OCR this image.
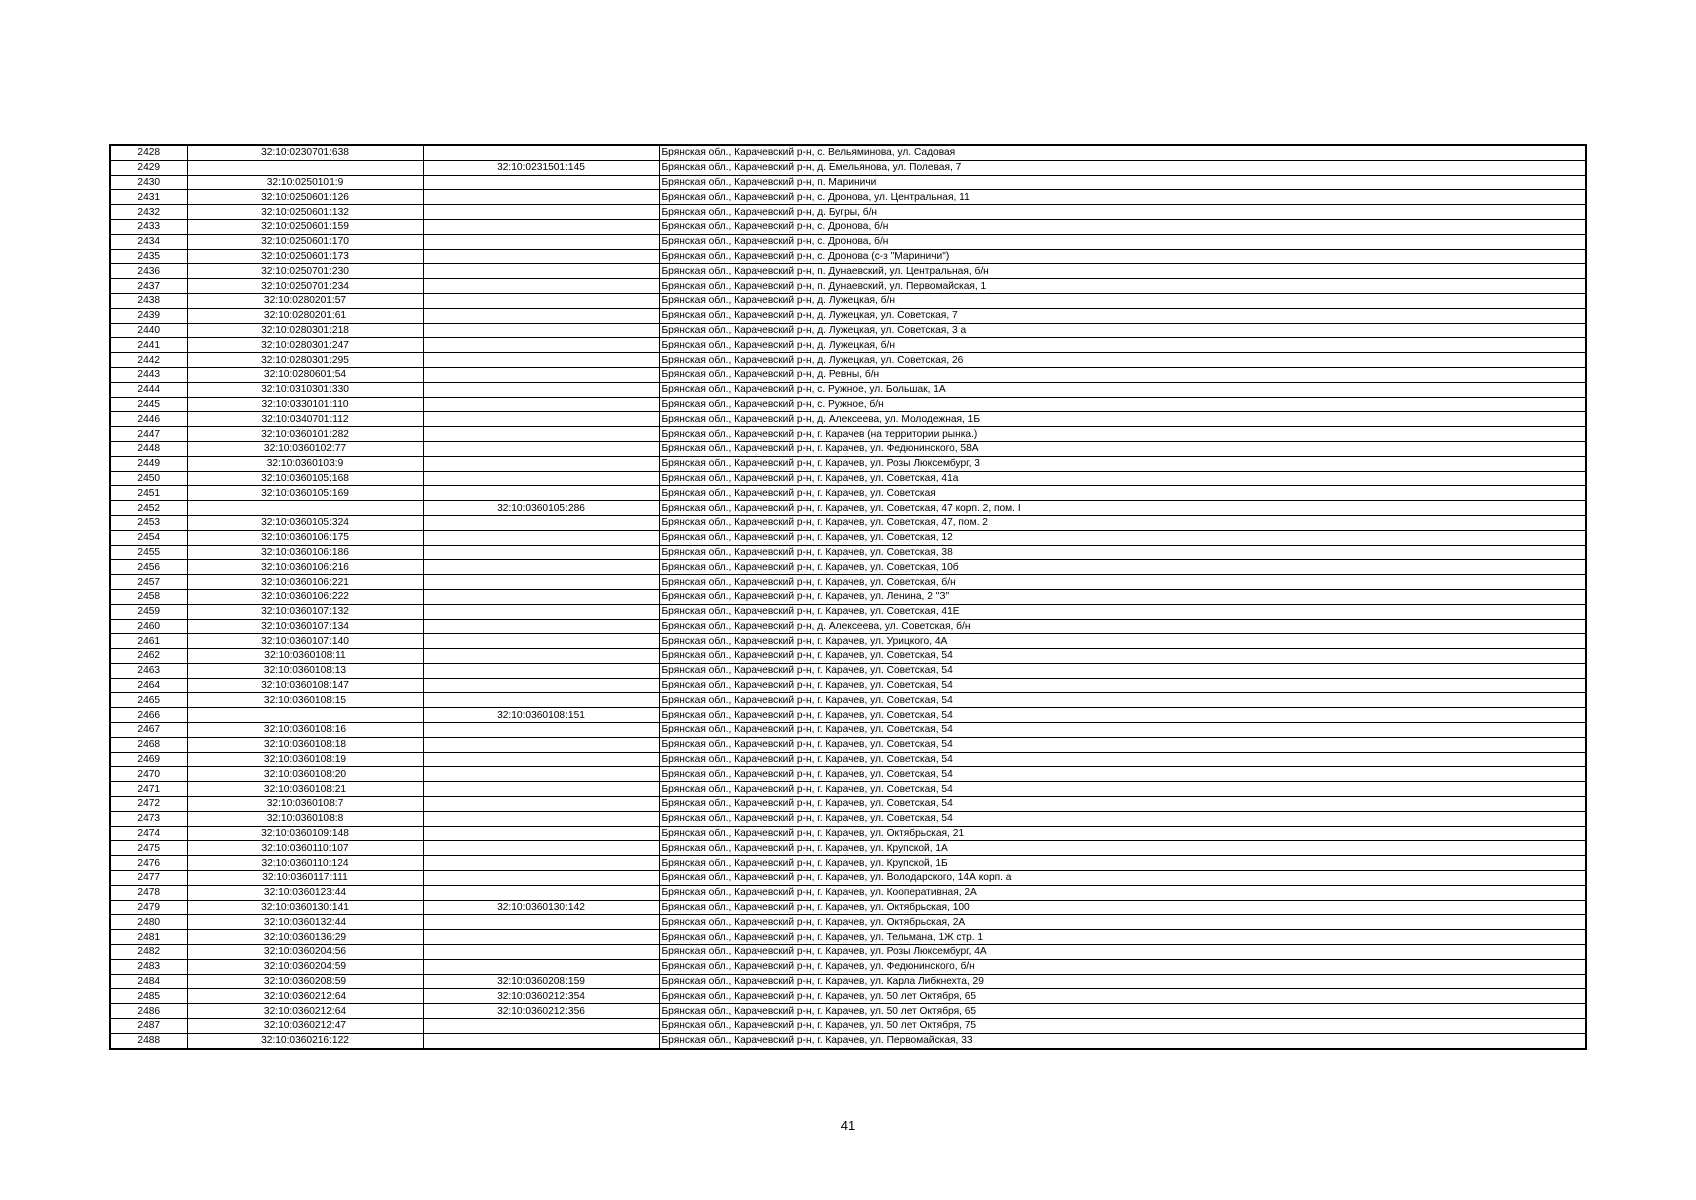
2428	32:10:0230701:638		Брянская обл., Карачевский р-н, с. Вельяминова, ул. Садовая
2429		32:10:0231501:145	Брянская обл., Карачевский р-н, д. Емельянова, ул. Полевая, 7
2430	32:10:0250101:9		Брянская обл., Карачевский р-н, п. Мариничи
2431	32:10:0250601:126		Брянская обл., Карачевский р-н, с. Дронова, ул. Центральная, 11
2432	32:10:0250601:132		Брянская обл., Карачевский р-н, д. Бугры, б/н
2433	32:10:0250601:159		Брянская обл., Карачевский р-н, с. Дронова, б/н
2434	32:10:0250601:170		Брянская обл., Карачевский р-н, с. Дронова, б/н
2435	32:10:0250601:173		Брянская обл., Карачевский р-н, с. Дронова (с-з "Мариничи")
2436	32:10:0250701:230		Брянская обл., Карачевский р-н, п. Дунаевский, ул. Центральная, б/н
2437	32:10:0250701:234		Брянская обл., Карачевский р-н, п. Дунаевский, ул. Первомайская, 1
2438	32:10:0280201:57		Брянская обл., Карачевский р-н, д. Лужецкая, б/н
2439	32:10:0280201:61		Брянская обл., Карачевский р-н, д. Лужецкая, ул. Советская, 7
2440	32:10:0280301:218		Брянская обл., Карачевский р-н, д. Лужецкая, ул. Советская, 3 а
2441	32:10:0280301:247		Брянская обл., Карачевский р-н, д. Лужецкая, б/н
2442	32:10:0280301:295		Брянская обл., Карачевский р-н, д. Лужецкая, ул. Советская, 26
2443	32:10:0280601:54		Брянская обл., Карачевский р-н, д. Ревны, б/н
2444	32:10:0310301:330		Брянская обл., Карачевский р-н, с. Ружное, ул. Большак, 1А
2445	32:10:0330101:110		Брянская обл., Карачевский р-н, с. Ружное, б/н
2446	32:10:0340701:112		Брянская обл., Карачевский р-н, д. Алексеева, ул. Молодежная, 1Б
2447	32:10:0360101:282		Брянская обл., Карачевский р-н, г. Карачев (на территории рынка.)
2448	32:10:0360102:77		Брянская обл., Карачевский р-н, г. Карачев, ул. Федюнинского, 58А
2449	32:10:0360103:9		Брянская обл., Карачевский р-н, г. Карачев, ул. Розы Люксембург, 3
2450	32:10:0360105:168		Брянская обл., Карачевский р-н, г. Карачев, ул. Советская, 41а
2451	32:10:0360105:169		Брянская обл., Карачевский р-н, г. Карачев, ул. Советская
2452		32:10:0360105:286	Брянская обл., Карачевский р-н, г. Карачев, ул. Советская, 47 корп. 2, пом. I
2453	32:10:0360105:324		Брянская обл., Карачевский р-н, г. Карачев, ул. Советская, 47, пом. 2
2454	32:10:0360106:175		Брянская обл., Карачевский р-н, г. Карачев, ул. Советская, 12
2455	32:10:0360106:186		Брянская обл., Карачевский р-н, г. Карачев, ул. Советская, 38
2456	32:10:0360106:216		Брянская обл., Карачевский р-н, г. Карачев, ул. Советская, 10б
2457	32:10:0360106:221		Брянская обл., Карачевский р-н, г. Карачев, ул. Советская, б/н
2458	32:10:0360106:222		Брянская обл., Карачевский р-н, г. Карачев, ул. Ленина, 2 "З"
2459	32:10:0360107:132		Брянская обл., Карачевский р-н, г. Карачев, ул. Советская, 41Е
2460	32:10:0360107:134		Брянская обл., Карачевский р-н, д. Алексеева, ул. Советская, б/н
2461	32:10:0360107:140		Брянская обл., Карачевский р-н, г. Карачев, ул. Урицкого, 4А
2462	32:10:0360108:11		Брянская обл., Карачевский р-н, г. Карачев, ул. Советская, 54
2463	32:10:0360108:13		Брянская обл., Карачевский р-н, г. Карачев, ул. Советская, 54
2464	32:10:0360108:147		Брянская обл., Карачевский р-н, г. Карачев, ул. Советская, 54
2465	32:10:0360108:15		Брянская обл., Карачевский р-н, г. Карачев, ул. Советская, 54
2466		32:10:0360108:151	Брянская обл., Карачевский р-н, г. Карачев, ул. Советская, 54
2467	32:10:0360108:16		Брянская обл., Карачевский р-н, г. Карачев, ул. Советская, 54
2468	32:10:0360108:18		Брянская обл., Карачевский р-н, г. Карачев, ул. Советская, 54
2469	32:10:0360108:19		Брянская обл., Карачевский р-н, г. Карачев, ул. Советская, 54
2470	32:10:0360108:20		Брянская обл., Карачевский р-н, г. Карачев, ул. Советская, 54
2471	32:10:0360108:21		Брянская обл., Карачевский р-н, г. Карачев, ул. Советская, 54
2472	32:10:0360108:7		Брянская обл., Карачевский р-н, г. Карачев, ул. Советская, 54
2473	32:10:0360108:8		Брянская обл., Карачевский р-н, г. Карачев, ул. Советская, 54
2474	32:10:0360109:148		Брянская обл., Карачевский р-н, г. Карачев, ул. Октябрьская, 21
2475	32:10:0360110:107		Брянская обл., Карачевский р-н, г. Карачев, ул. Крупской, 1А
2476	32:10:0360110:124		Брянская обл., Карачевский р-н, г. Карачев, ул. Крупской, 1Б
2477	32:10:0360117:111		Брянская обл., Карачевский р-н, г. Карачев, ул. Володарского, 14А корп. а
2478	32:10:0360123:44		Брянская обл., Карачевский р-н, г. Карачев, ул. Кооперативная, 2А
2479	32:10:0360130:141	32:10:0360130:142	Брянская обл., Карачевский р-н, г. Карачев, ул. Октябрьская, 100
2480	32:10:0360132:44		Брянская обл., Карачевский р-н, г. Карачев, ул. Октябрьская, 2А
2481	32:10:0360136:29		Брянская обл., Карачевский р-н, г. Карачев, ул. Тельмана, 1Ж стр. 1
2482	32:10:0360204:56		Брянская обл., Карачевский р-н, г. Карачев, ул. Розы Люксембург, 4А
2483	32:10:0360204:59		Брянская обл., Карачевский р-н, г. Карачев, ул. Федюнинского, б/н
2484	32:10:0360208:59	32:10:0360208:159	Брянская обл., Карачевский р-н, г. Карачев, ул. Карла Либкнехта, 29
2485	32:10:0360212:64	32:10:0360212:354	Брянская обл., Карачевский р-н, г. Карачев, ул. 50 лет Октября, 65
2486	32:10:0360212:64	32:10:0360212:356	Брянская обл., Карачевский р-н, г. Карачев, ул. 50 лет Октября, 65
2487	32:10:0360212:47		Брянская обл., Карачевский р-н, г. Карачев, ул. 50 лет Октября, 75
2488	32:10:0360216:122		Брянская обл., Карачевский р-н, г. Карачев, ул. Первомайская, 33
41
